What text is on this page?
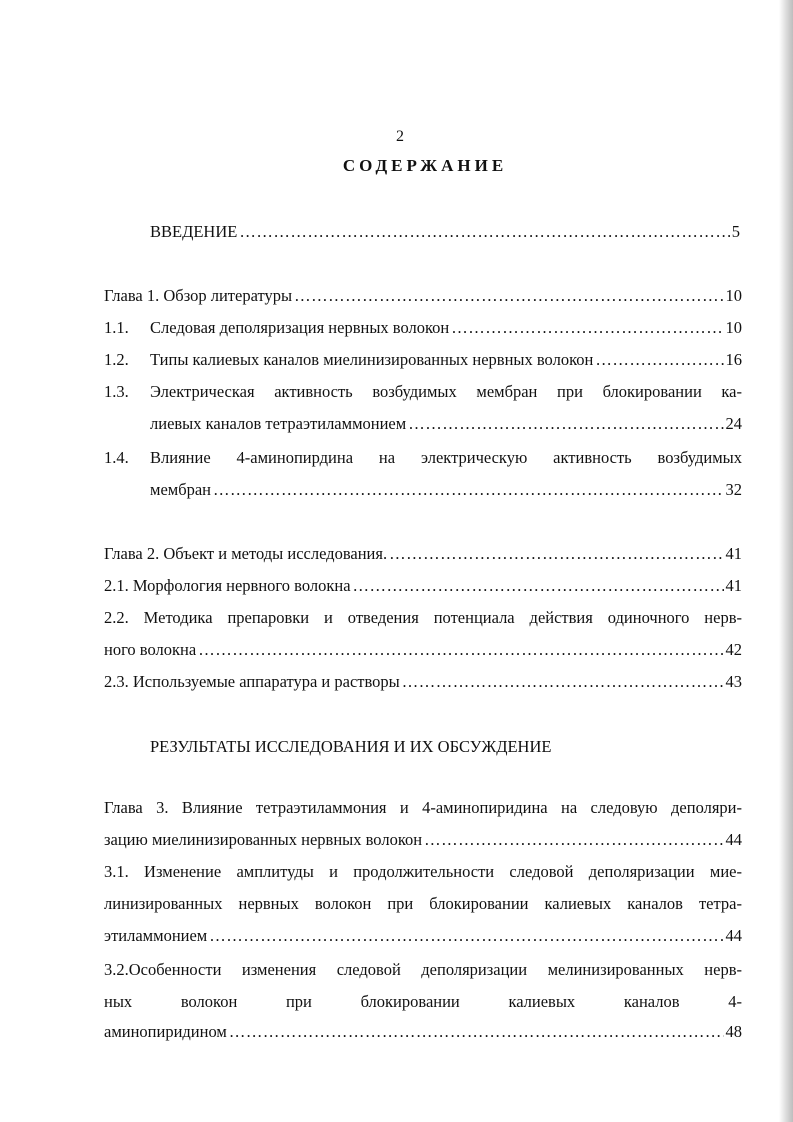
2
СОДЕРЖАНИЕ
ВВЕДЕНИЕ …………………………………………………………………………………………………………………………………………………………………………	5
Глава 1. Обзор литературы …………………………………………………………………………………………………………………………………………………………………………	10
1.1.	Следовая деполяризация нервных волокон …………………………………………………………………………………………………………………………………………………………………………	10
1.2.	Типы калиевых каналов миелинизированных нервных волокон …………………………………………………………………………………………………………………………………………………………………………	16
1.3. Электрическая активность возбудимых мембран при блокировании ка-
лиевых каналов тетраэтиламмонием …………………………………………………………………………………………………………………………………………………………………………	24
1.4. Влияние 4-аминопирдина на электрическую активность возбудимых
мембран …………………………………………………………………………………………………………………………………………………………………………	32
Глава 2. Объект и методы исследования. …………………………………………………………………………………………………………………………………………………………………………	41
2.1. Морфология нервного волокна …………………………………………………………………………………………………………………………………………………………………………	41
2.2. Методика препаровки и отведения потенциала действия одиночного нерв-
ного волокна …………………………………………………………………………………………………………………………………………………………………………	42
2.3. Используемые аппаратура и растворы …………………………………………………………………………………………………………………………………………………………………………	43
РЕЗУЛЬТАТЫ ИССЛЕДОВАНИЯ И ИХ ОБСУЖДЕНИЕ
Глава 3. Влияние тетраэтиламмония и 4-аминопиридина на следовую деполяри-
зацию миелинизированных нервных волокон …………………………………………………………………………………………………………………………………………………………………………	44
3.1. Изменение амплитуды и продолжительности следовой деполяризации мие-
линизированных нервных волокон при блокировании калиевых каналов тетра-
этиламмонием …………………………………………………………………………………………………………………………………………………………………………	44
3.2.Особенности изменения следовой деполяризации мелинизированных нерв-
ных	волокон	при	блокировании	калиевых	каналов	4-
аминопиридином …………………………………………………………………………………………………………………………………………………………………………	48
